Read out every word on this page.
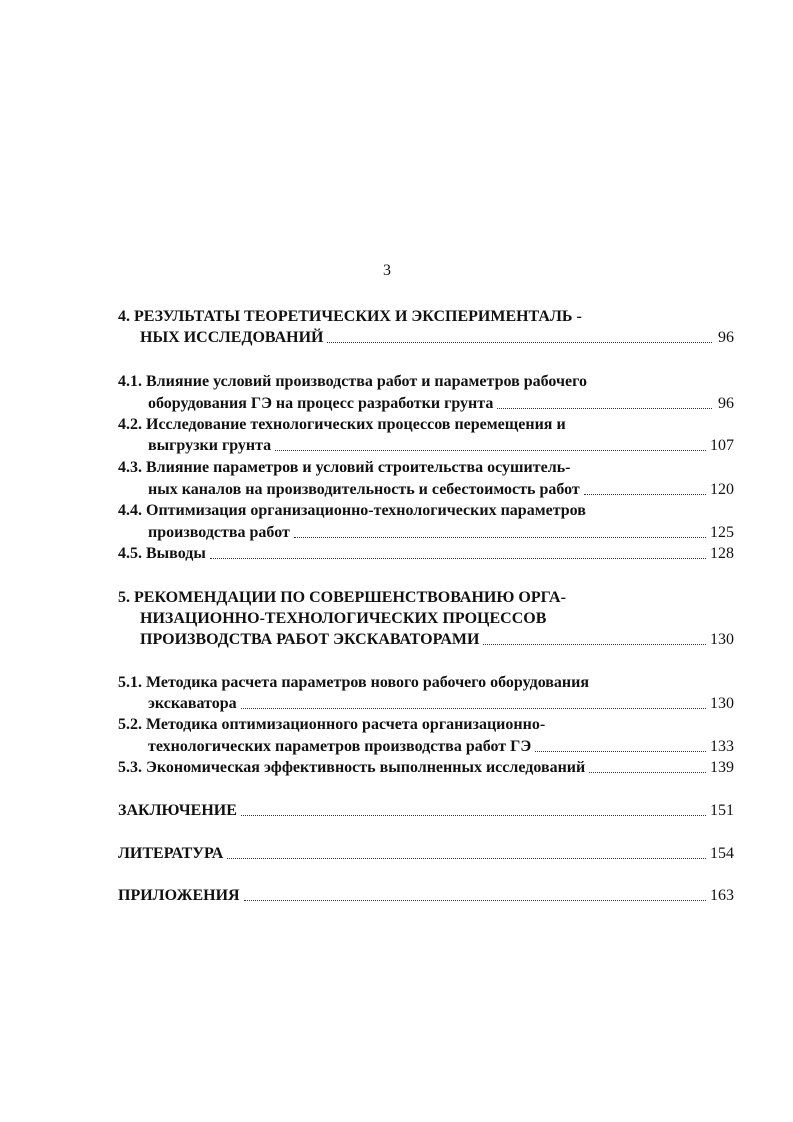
3
4. РЕЗУЛЬТАТЫ ТЕОРЕТИЧЕСКИХ И ЭКСПЕРИМЕНТАЛЬ -
НЫХ ИССЛЕДОВАНИЙ	96
4.1. Влияние условий производства работ и параметров рабочего
оборудования ГЭ на процесс разработки грунта	96
4.2. Исследование технологических процессов перемещения и
выгрузки грунта	107
4.3. Влияние параметров и условий строительства осушитель-
ных каналов на производительность и себестоимость работ	120
4.4. Оптимизация организационно-технологических параметров
производства работ	125
4.5. Выводы	128
5. РЕКОМЕНДАЦИИ ПО СОВЕРШЕНСТВОВАНИЮ ОРГА-
НИЗАЦИОННО-ТЕХНОЛОГИЧЕСКИХ ПРОЦЕССОВ
ПРОИЗВОДСТВА РАБОТ ЭКСКАВАТОРАМИ	130
5.1. Методика расчета параметров нового рабочего оборудования
экскаватора	130
5.2. Методика оптимизационного расчета организационно-
технологических параметров производства работ ГЭ	133
5.3. Экономическая эффективность выполненных исследований	139
ЗАКЛЮЧЕНИЕ	151
ЛИТЕРАТУРА	154
ПРИЛОЖЕНИЯ	163
